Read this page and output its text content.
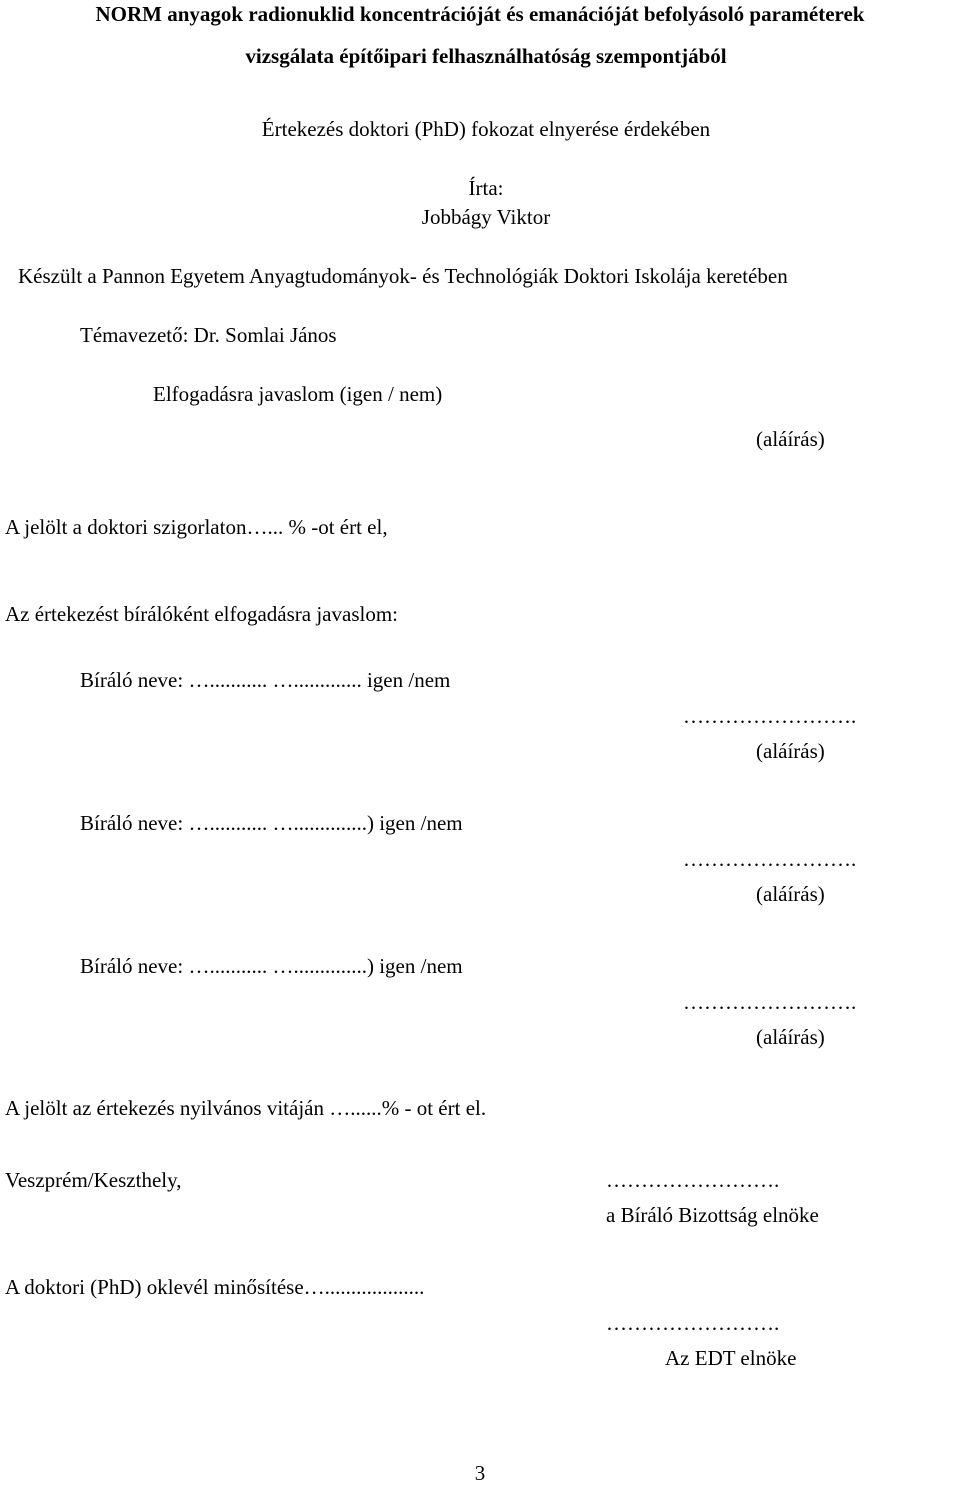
NORM anyagok radionuklid koncentrációját és emanációját befolyásoló paraméterek
vizsgálata építőipari felhasználhatóság szempontjából
Értekezés doktori (PhD) fokozat elnyerése érdekében
Írta:
Jobbágy Viktor
Készült a Pannon Egyetem Anyagtudományok- és Technológiák Doktori Iskolája keretében
Témavezető: Dr. Somlai János
Elfogadásra javaslom (igen / nem)
(aláírás)
A jelölt a doktori szigorlaton…... % -ot ért el,
Az értekezést bírálóként elfogadásra javaslom:
Bíráló neve: …........... …............. igen /nem
…………………….
(aláírás)
Bíráló neve: …........... …..............) igen /nem
…………………….
(aláírás)
Bíráló neve: …........... …..............) igen /nem
…………………….
(aláírás)
A jelölt az értekezés nyilvános vitáján …......% - ot ért el.
Veszprém/Keszthely,	…………………….
a Bíráló Bizottság elnöke
A doktori (PhD) oklevél minősítése…...................
…………………….
Az EDT elnöke
3
